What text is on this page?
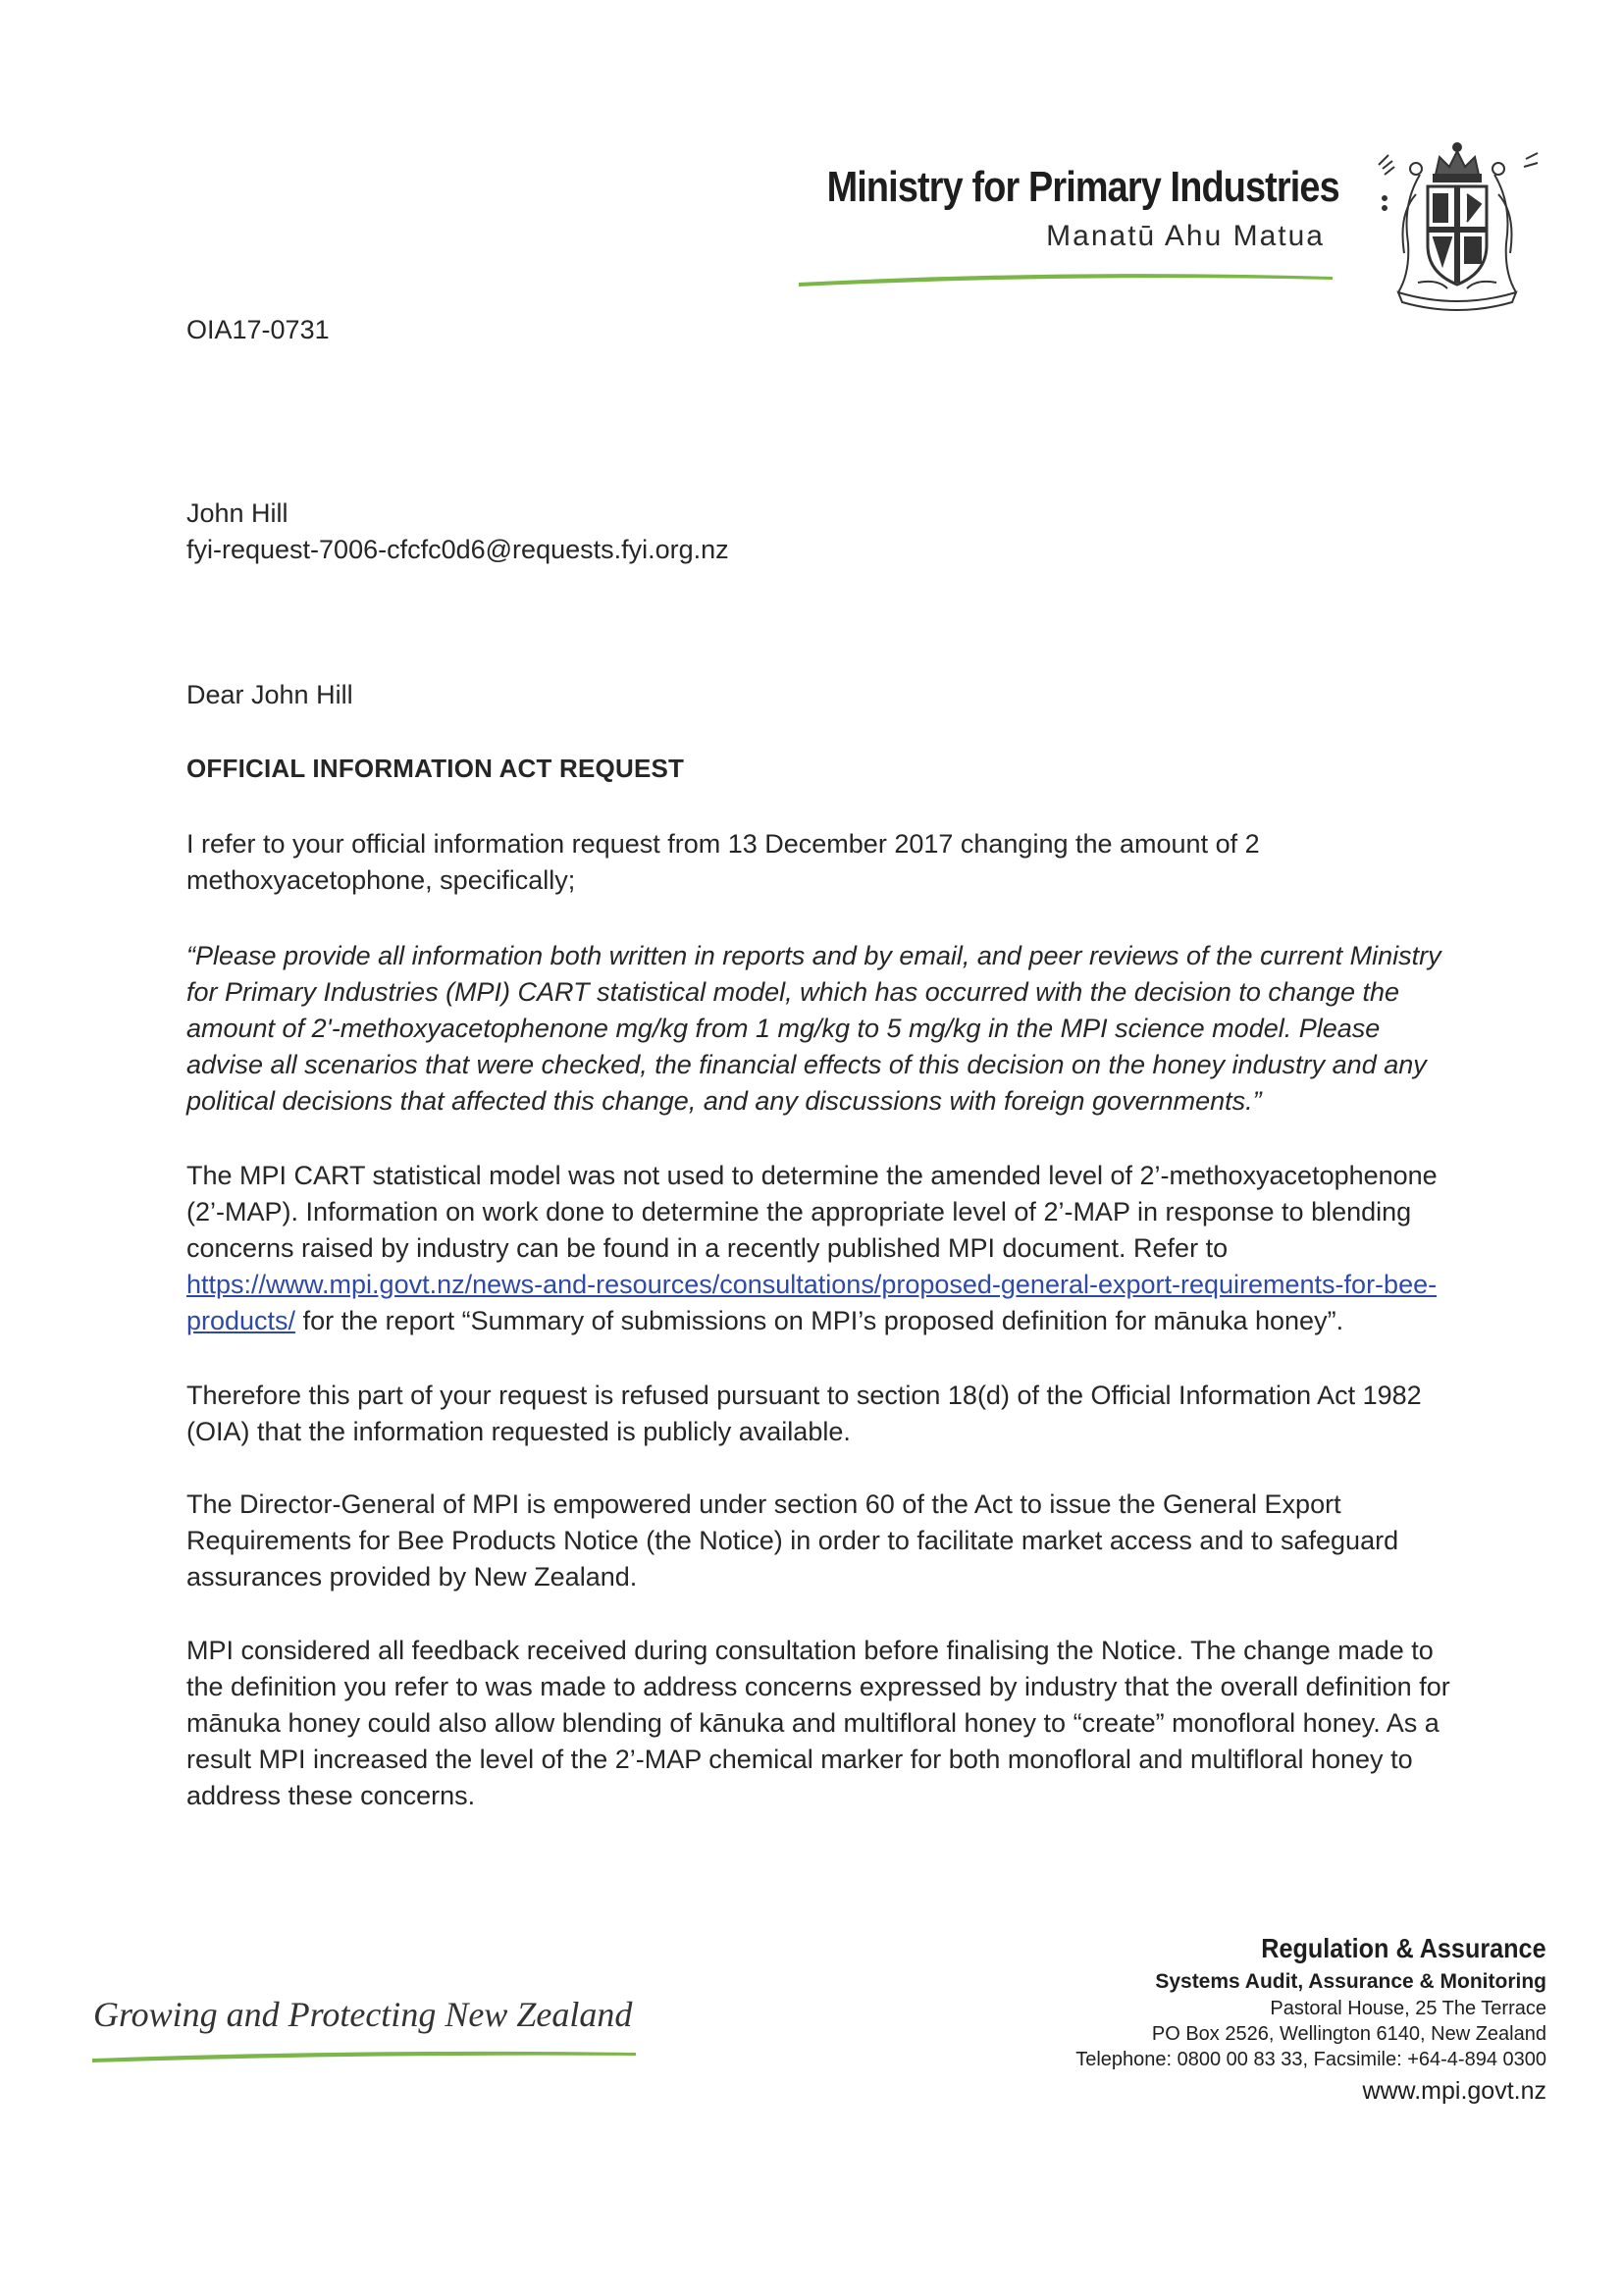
Ministry for Primary Industries
Manatū Ahu Matua
OIA17-0731
John Hill
fyi-request-7006-cfcfc0d6@requests.fyi.org.nz
Dear John Hill
OFFICIAL INFORMATION ACT REQUEST

I refer to your official information request from 13 December 2017 changing the amount of 2 methoxyacetophone, specifically;

“Please provide all information both written in reports and by email, and peer reviews of the current Ministry for Primary Industries (MPI) CART statistical model, which has occurred with the decision to change the amount of 2'-methoxyacetophenone mg/kg from 1 mg/kg to 5 mg/kg in the MPI science model. Please advise all scenarios that were checked, the financial effects of this decision on the honey industry and any political decisions that affected this change, and any discussions with foreign governments.”

The MPI CART statistical model was not used to determine the amended level of 2’-methoxyacetophenone (2’-MAP). Information on work done to determine the appropriate level of 2’-MAP in response to blending concerns raised by industry can be found in a recently published MPI document. Refer to https://www.mpi.govt.nz/news-and-resources/consultations/proposed-general-export-requirements-for-bee-products/ for the report “Summary of submissions on MPI’s proposed definition for mānuka honey”.

Therefore this part of your request is refused pursuant to section 18(d) of the Official Information Act 1982 (OIA) that the information requested is publicly available.

The Director-General of MPI is empowered under section 60 of the Act to issue the General Export Requirements for Bee Products Notice (the Notice) in order to facilitate market access and to safeguard assurances provided by New Zealand.

MPI considered all feedback received during consultation before finalising the Notice. The change made to the definition you refer to was made to address concerns expressed by industry that the overall definition for mānuka honey could also allow blending of kānuka and multifloral honey to “create” monofloral honey. As a result MPI increased the level of the 2’-MAP chemical marker for both monofloral and multifloral honey to address these concerns.

Growing and Protecting New Zealand
Regulation & Assurance
Systems Audit, Assurance & Monitoring
Pastoral House, 25 The Terrace
PO Box 2526, Wellington 6140, New Zealand
Telephone: 0800 00 83 33, Facsimile: +64-4-894 0300
www.mpi.govt.nz
